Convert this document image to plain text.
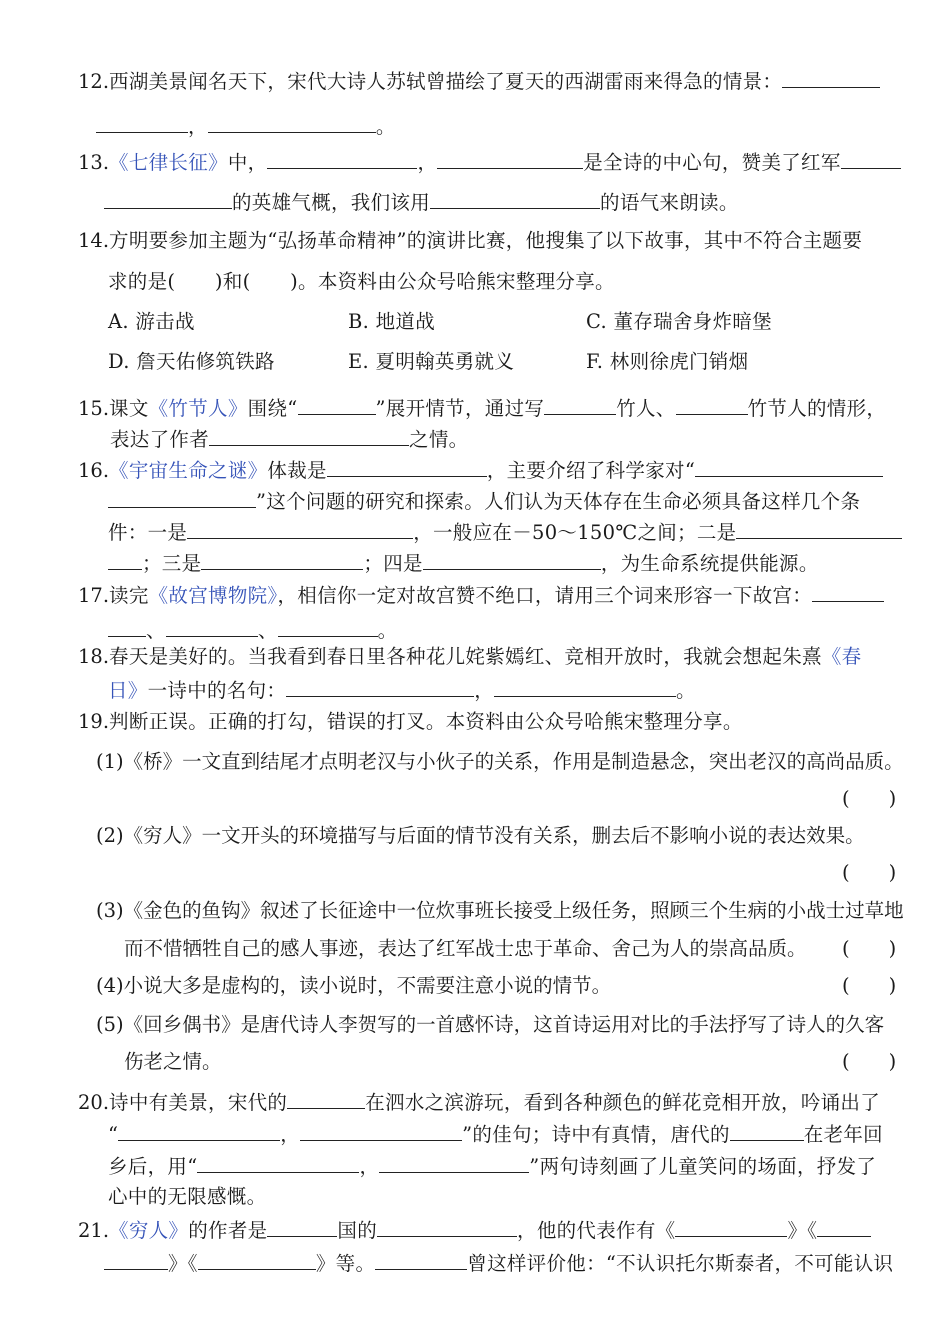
12.西湖美景闻名天下，宋代大诗人苏轼曾描绘了夏天的西湖雷雨来得急的情景：
，	。
13.《七律长征》中，	，	是全诗的中心句，赞美了红军
的英雄气概，我们该用	的语气来朗读。
14.方明要参加主题为“弘扬革命精神”的演讲比赛，他搜集了以下故事，其中不符合主题要
求的是(　　)和(　　)。本资料由公众号哈熊宋整理分享。
A. 游击战	B. 地道战	C. 董存瑞舍身炸暗堡
D. 詹天佑修筑铁路	E. 夏明翰英勇就义	F. 林则徐虎门销烟
15.课文《竹节人》围绕“	”展开情节，通过写	竹人、	竹节人的情形，
表达了作者	之情。
16.《宇宙生命之谜》体裁是	，主要介绍了科学家对“
”这个问题的研究和探索。人们认为天体存在生命必须具备这样几个条
件：一是	，一般应在－50～150℃之间；二是
；三是	；四是	，为生命系统提供能源。
17.读完《故宫博物院》，相信你一定对故宫赞不绝口，请用三个词来形容一下故宫：
、	、	。
18.春天是美好的。当我看到春日里各种花儿姹紫嫣红、竞相开放时，我就会想起朱熹《春
日》一诗中的名句：	，	。
19.判断正误。正确的打勾，错误的打叉。本资料由公众号哈熊宋整理分享。
(1)《桥》一文直到结尾才点明老汉与小伙子的关系，作用是制造悬念，突出老汉的高尚品质。
(　　)
(2)《穷人》一文开头的环境描写与后面的情节没有关系，删去后不影响小说的表达效果。
(　　)
(3)《金色的鱼钩》叙述了长征途中一位炊事班长接受上级任务，照顾三个生病的小战士过草地
而不惜牺牲自己的感人事迹，表达了红军战士忠于革命、舍己为人的崇高品质。 (　　)
(4)小说大多是虚构的，读小说时，不需要注意小说的情节。	(　　)
(5)《回乡偶书》是唐代诗人李贺写的一首感怀诗，这首诗运用对比的手法抒写了诗人的久客
伤老之情。	(　　)
20.诗中有美景，宋代的	在泗水之滨游玩，看到各种颜色的鲜花竞相开放，吟诵出了
“	，	”的佳句；诗中有真情，唐代的	在老年回
乡后，用“	，	”两句诗刻画了儿童笑问的场面，抒发了
心中的无限感慨。
21.《穷人》的作者是	国的	，他的代表作有《	》《
》《	》等。	曾这样评价他：“不认识托尔斯泰者，不可能认识
